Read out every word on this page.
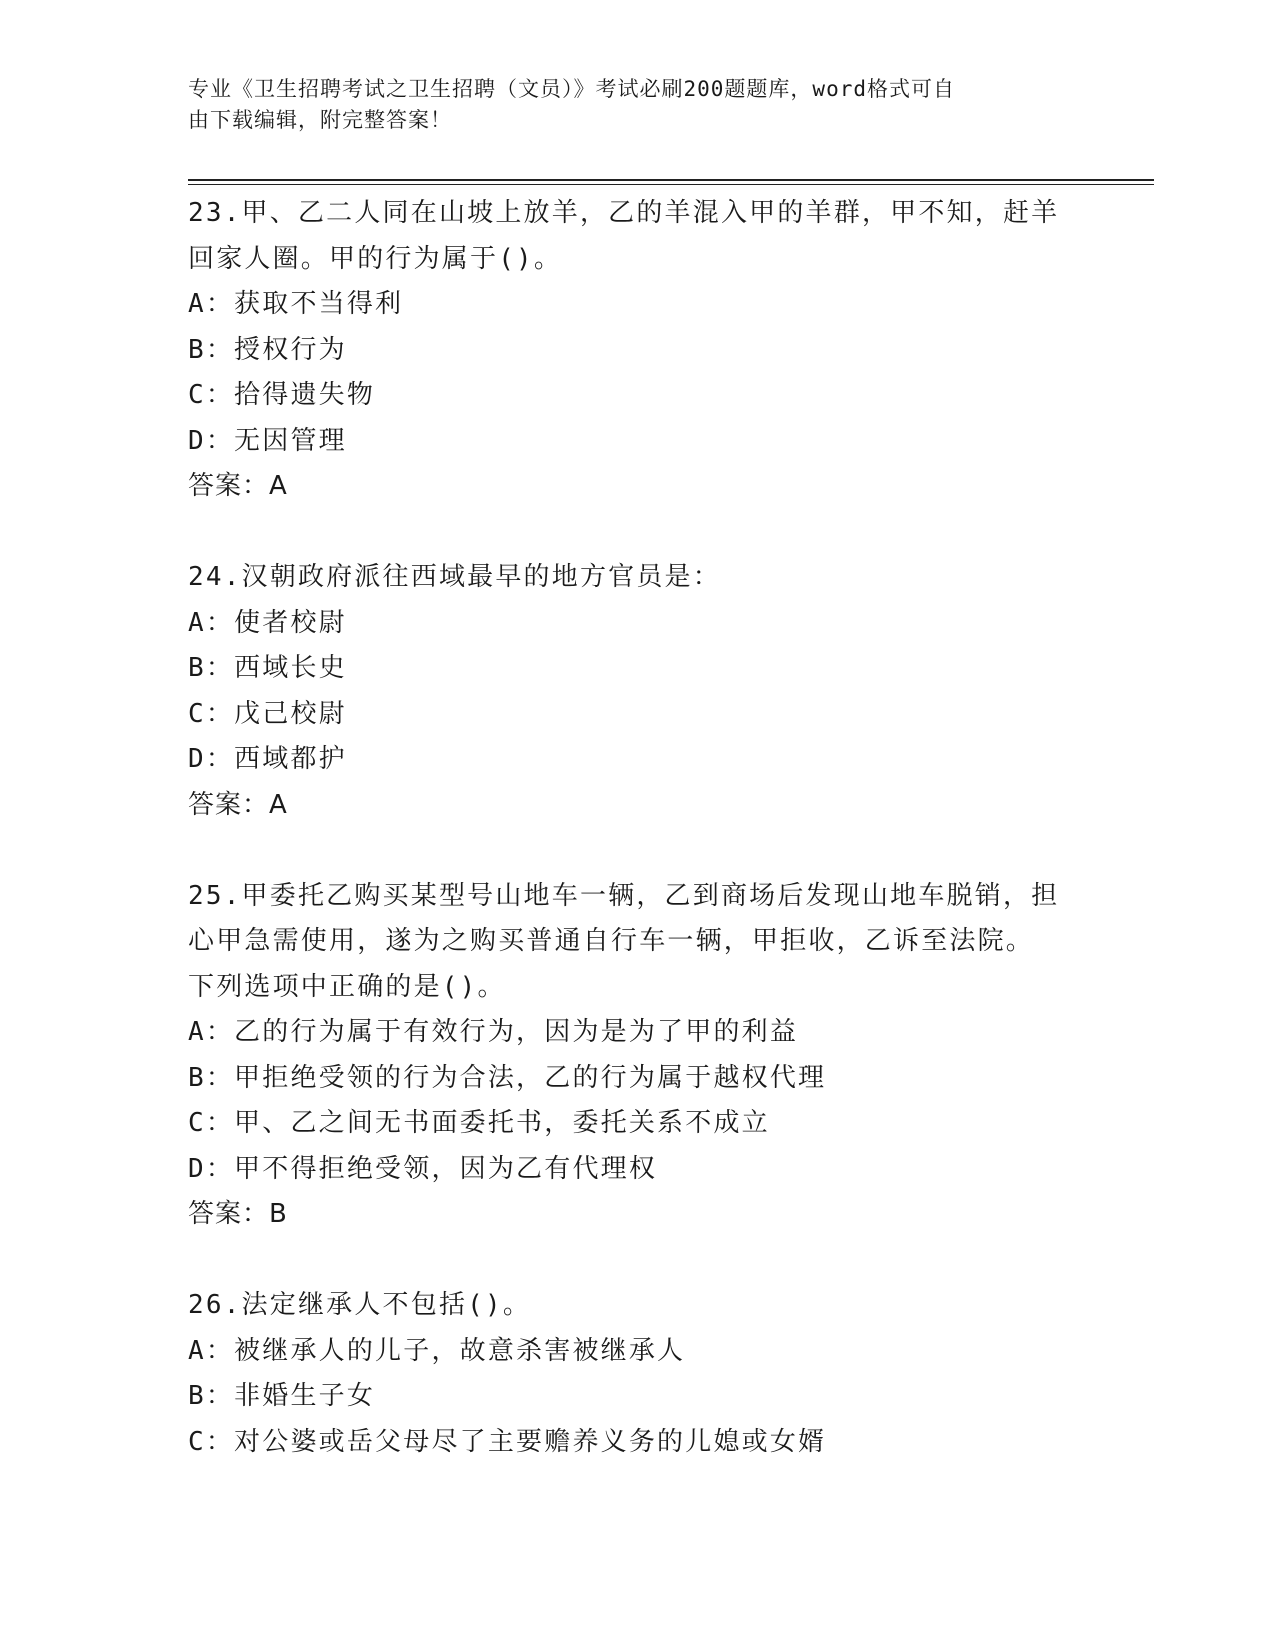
专业《卫生招聘考试之卫生招聘（文员）》考试必刷200题题库，word格式可自
由下载编辑，附完整答案！
23.甲、乙二人同在山坡上放羊，乙的羊混入甲的羊群，甲不知，赶羊
回家人圈。甲的行为属于()。
A：获取不当得利
B：授权行为
C：拾得遗失物
D：无因管理
答案：A
24.汉朝政府派往西域最早的地方官员是：
A：使者校尉
B：西域长史
C：戊己校尉
D：西域都护
答案：A
25.甲委托乙购买某型号山地车一辆，乙到商场后发现山地车脱销，担
心甲急需使用，遂为之购买普通自行车一辆，甲拒收，乙诉至法院。
下列选项中正确的是()。
A：乙的行为属于有效行为，因为是为了甲的利益
B：甲拒绝受领的行为合法，乙的行为属于越权代理
C：甲、乙之间无书面委托书，委托关系不成立
D：甲不得拒绝受领，因为乙有代理权
答案：B
26.法定继承人不包括()。
A：被继承人的儿子，故意杀害被继承人
B：非婚生子女
C：对公婆或岳父母尽了主要赡养义务的儿媳或女婿
